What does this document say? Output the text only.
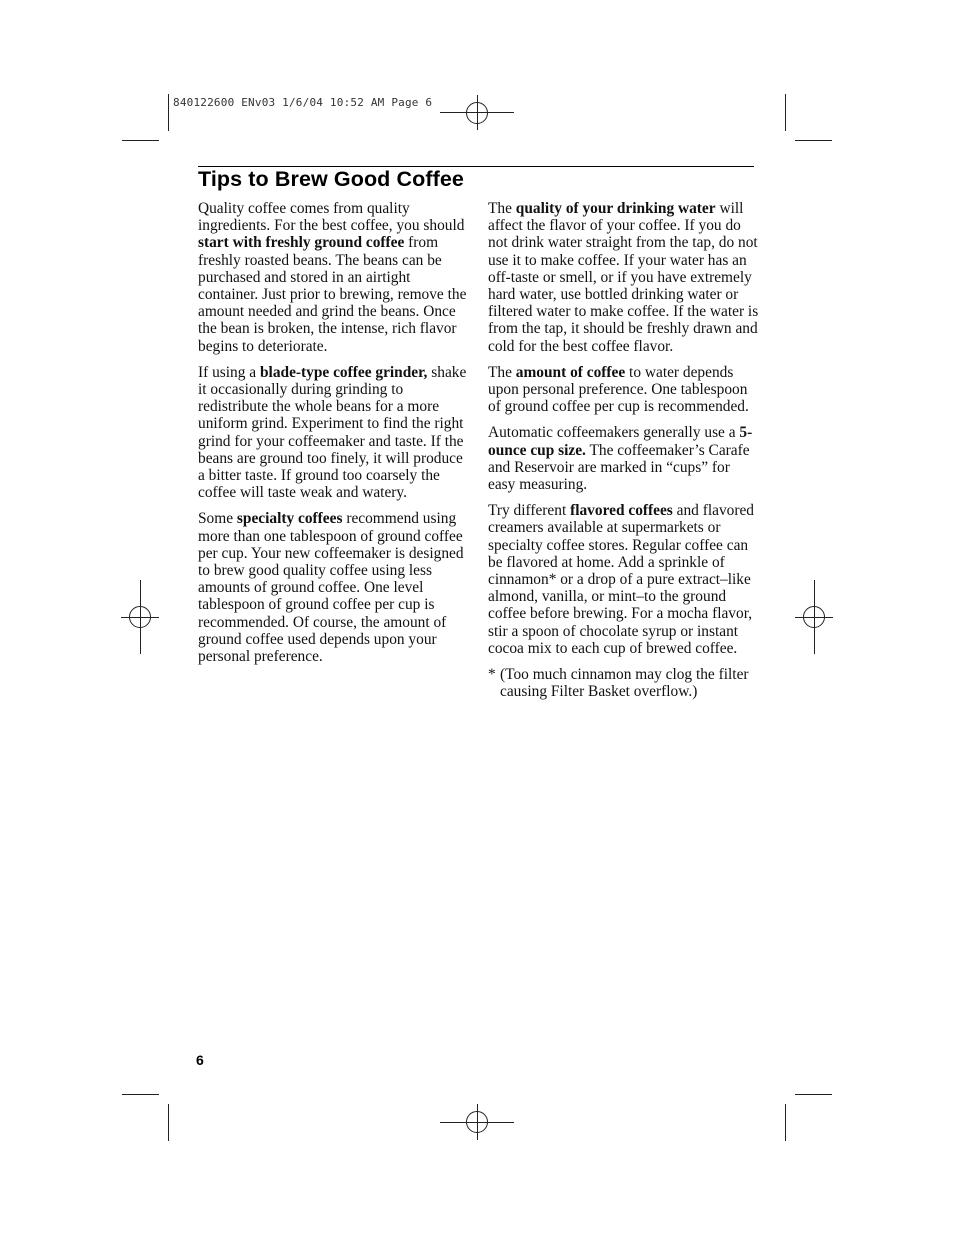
840122600 ENv03 1/6/04 10:52 AM Page 6
Tips to Brew Good Coffee

Quality coffee comes from quality ingredients. For the best coffee, you should start with freshly ground coffee from freshly roasted beans. The beans can be purchased and stored in an airtight container. Just prior to brewing, remove the amount needed and grind the beans. Once the bean is broken, the intense, rich flavor begins to deteriorate.

If using a blade-type coffee grinder, shake it occasionally during grinding to redistribute the whole beans for a more uniform grind. Experiment to find the right grind for your coffeemaker and taste. If the beans are ground too finely, it will produce a bitter taste. If ground too coarsely the coffee will taste weak and watery.

Some specialty coffees recommend using more than one tablespoon of ground coffee per cup. Your new coffeemaker is designed to brew good quality coffee using less amounts of ground coffee. One level tablespoon of ground coffee per cup is recommended. Of course, the amount of ground coffee used depends upon your personal preference.

The quality of your drinking water will affect the flavor of your coffee. If you do not drink water straight from the tap, do not use it to make coffee. If your water has an off-taste or smell, or if you have extremely hard water, use bottled drinking water or filtered water to make coffee. If the water is from the tap, it should be freshly drawn and cold for the best coffee flavor.

The amount of coffee to water depends upon personal preference. One tablespoon of ground coffee per cup is recommended.

Automatic coffeemakers generally use a 5-ounce cup size. The coffeemaker’s Carafe and Reservoir are marked in “cups” for easy measuring.

Try different flavored coffees and flavored creamers available at supermarkets or specialty coffee stores. Regular coffee can be flavored at home. Add a sprinkle of cinnamon* or a drop of a pure extract–like almond, vanilla, or mint–to the ground coffee before brewing. For a mocha flavor, stir a spoon of chocolate syrup or instant cocoa mix to each cup of brewed coffee.

* (Too much cinnamon may clog the filter causing Filter Basket overflow.)
6
